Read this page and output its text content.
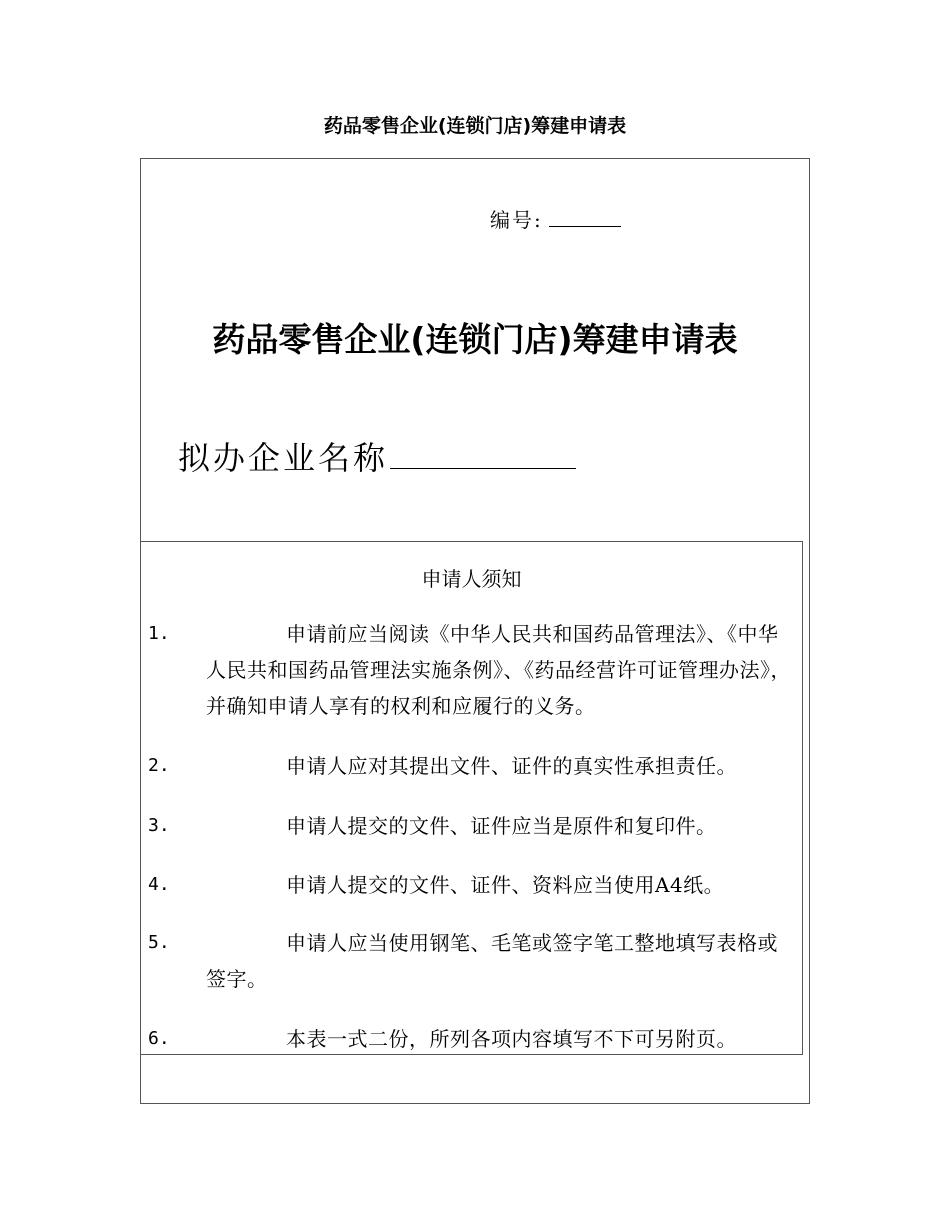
药品零售企业(连锁门店)筹建申请表
编号:
药品零售企业(连锁门店)筹建申请表
拟办企业名称
申请人须知
1.	申请前应当阅读《中华人民共和国药品管理法》、《中华人民共和国药品管理法实施条例》、《药品经营许可证管理办法》，并确知申请人享有的权利和应履行的义务。
2.	申请人应对其提出文件、证件的真实性承担责任。
3.	申请人提交的文件、证件应当是原件和复印件。
4.	申请人提交的文件、证件、资料应当使用A4纸。
5.	申请人应当使用钢笔、毛笔或签字笔工整地填写表格或签字。
6.	本表一式二份，所列各项内容填写不下可另附页。
